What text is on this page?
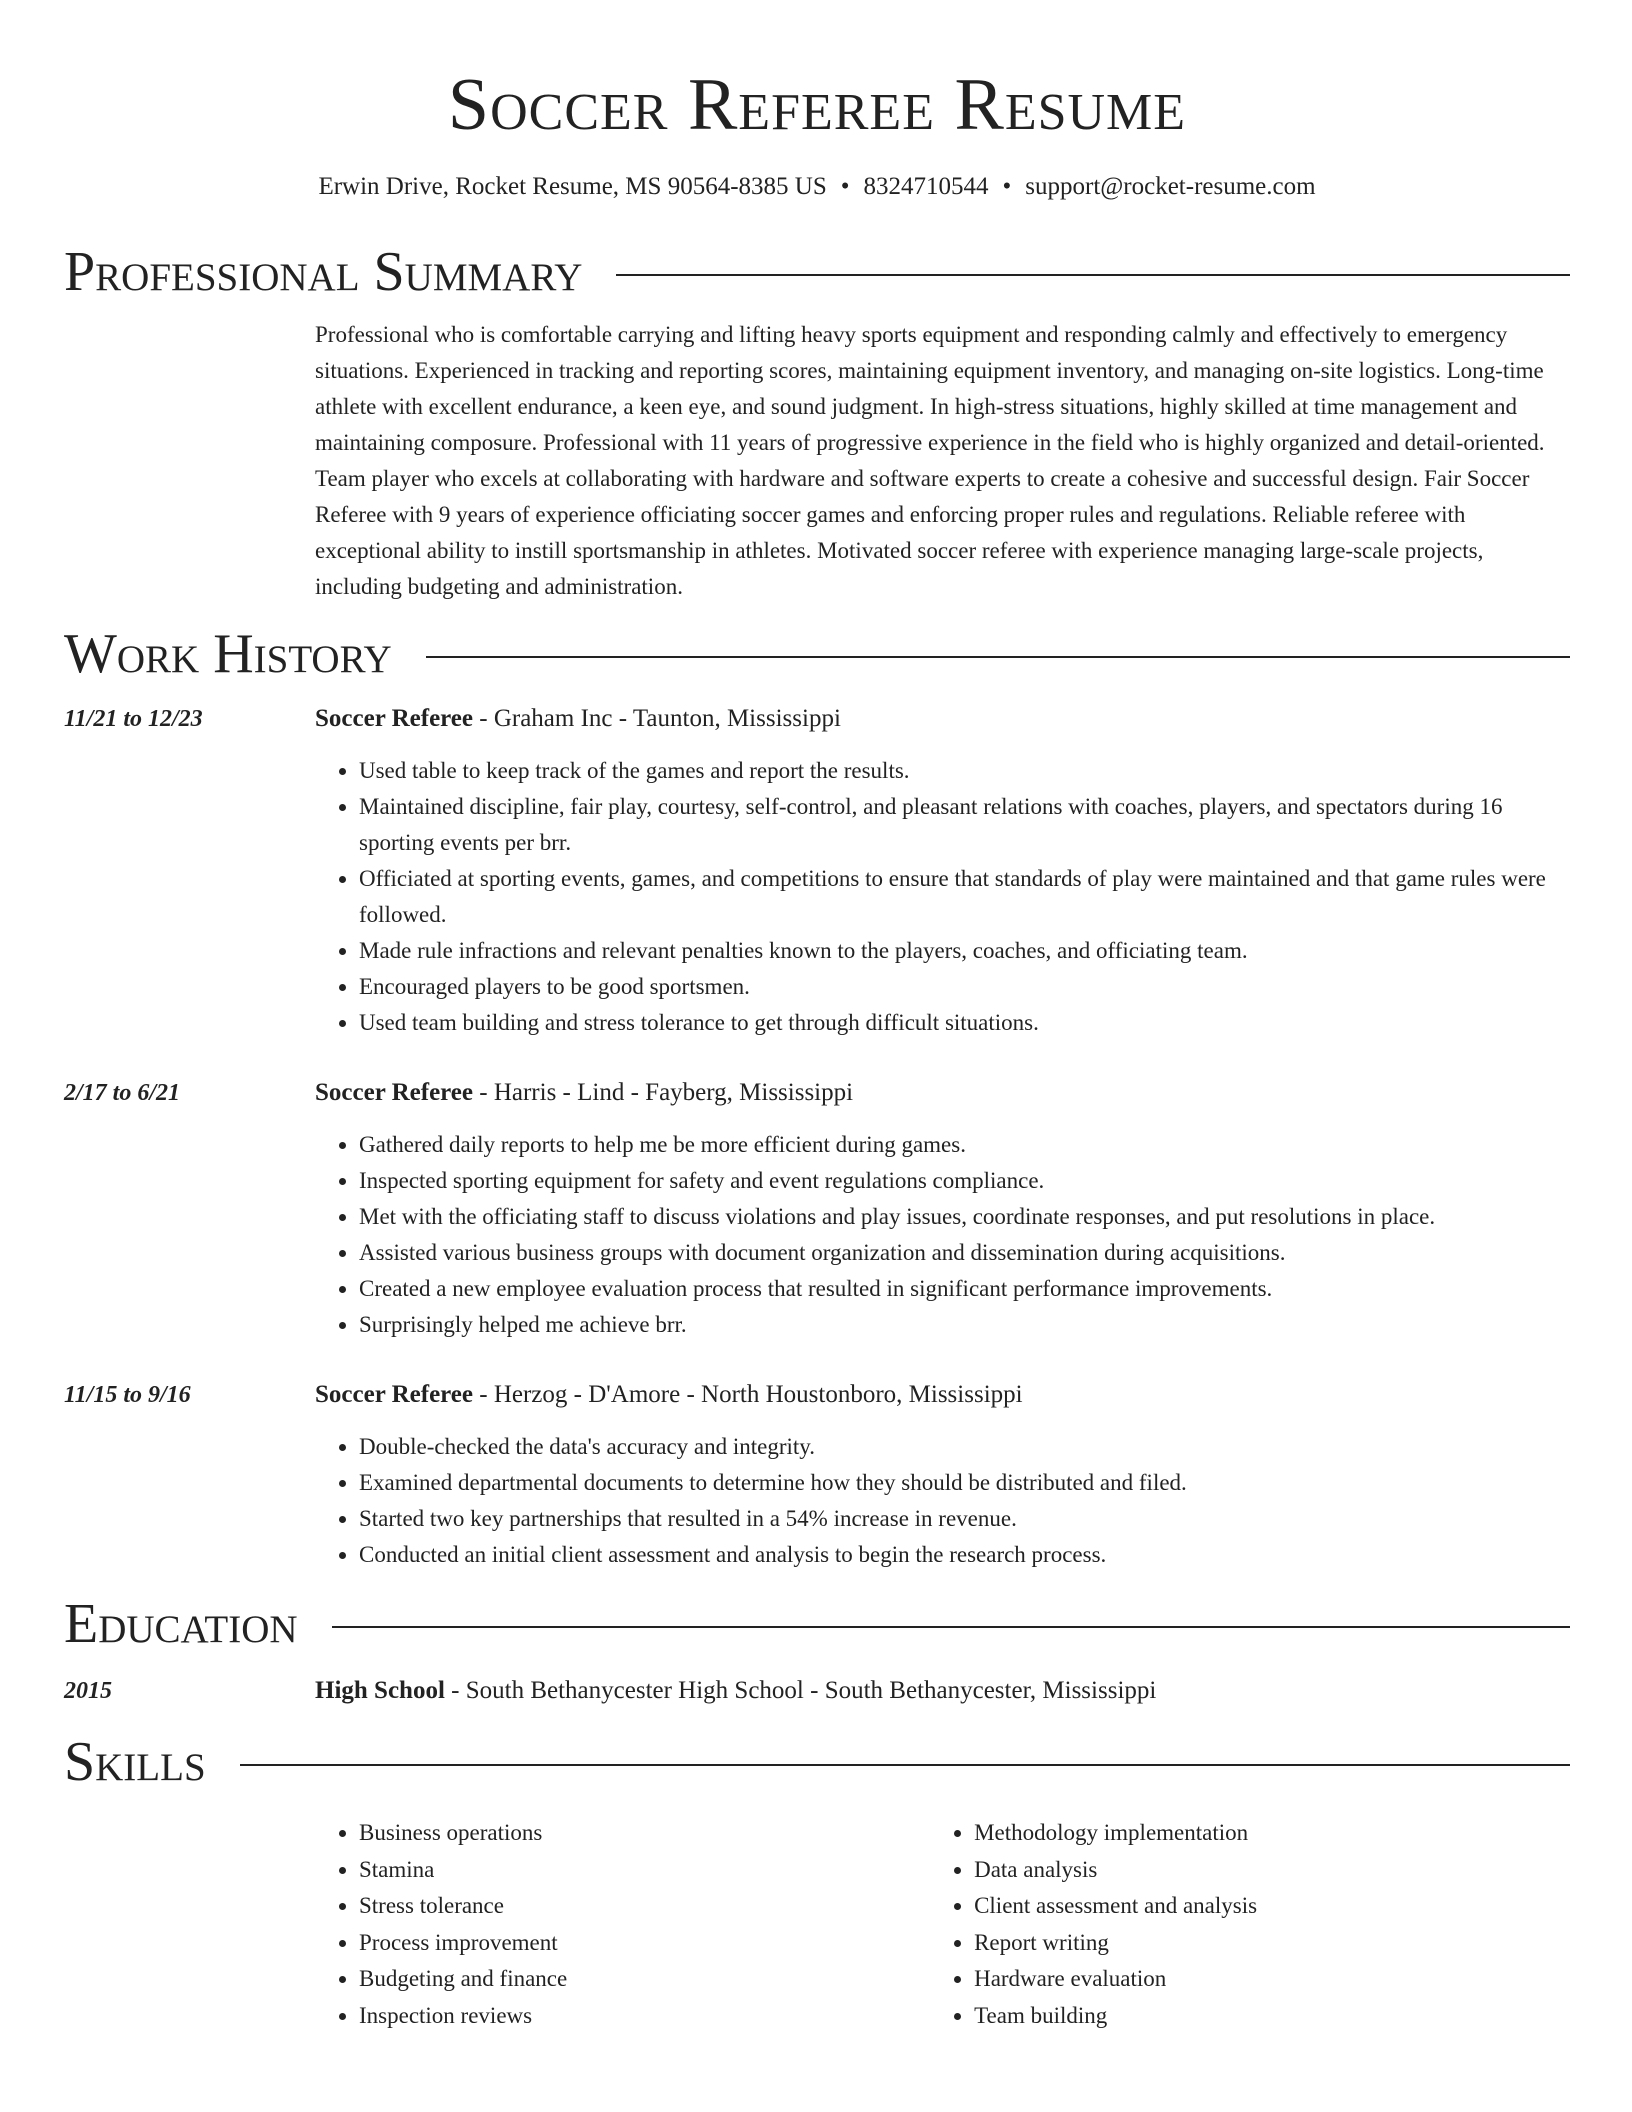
Soccer Referee Resume
Erwin Drive, Rocket Resume, MS 90564-8385 US • 8324710544 • support@rocket-resume.com
Professional Summary
Professional who is comfortable carrying and lifting heavy sports equipment and responding calmly and effectively to emergency situations. Experienced in tracking and reporting scores, maintaining equipment inventory, and managing on-site logistics. Long-time athlete with excellent endurance, a keen eye, and sound judgment. In high-stress situations, highly skilled at time management and maintaining composure. Professional with 11 years of progressive experience in the field who is highly organized and detail-oriented. Team player who excels at collaborating with hardware and software experts to create a cohesive and successful design. Fair Soccer Referee with 9 years of experience officiating soccer games and enforcing proper rules and regulations. Reliable referee with exceptional ability to instill sportsmanship in athletes. Motivated soccer referee with experience managing large-scale projects, including budgeting and administration.
Work History
11/21 to 12/23	Soccer Referee - Graham Inc - Taunton, Mississippi
• Used table to keep track of the games and report the results.
• Maintained discipline, fair play, courtesy, self-control, and pleasant relations with coaches, players, and spectators during 16 sporting events per brr.
• Officiated at sporting events, games, and competitions to ensure that standards of play were maintained and that game rules were followed.
• Made rule infractions and relevant penalties known to the players, coaches, and officiating team.
• Encouraged players to be good sportsmen.
• Used team building and stress tolerance to get through difficult situations.
2/17 to 6/21	Soccer Referee - Harris - Lind - Fayberg, Mississippi
• Gathered daily reports to help me be more efficient during games.
• Inspected sporting equipment for safety and event regulations compliance.
• Met with the officiating staff to discuss violations and play issues, coordinate responses, and put resolutions in place.
• Assisted various business groups with document organization and dissemination during acquisitions.
• Created a new employee evaluation process that resulted in significant performance improvements.
• Surprisingly helped me achieve brr.
11/15 to 9/16	Soccer Referee - Herzog - D'Amore - North Houstonboro, Mississippi
• Double-checked the data's accuracy and integrity.
• Examined departmental documents to determine how they should be distributed and filed.
• Started two key partnerships that resulted in a 54% increase in revenue.
• Conducted an initial client assessment and analysis to begin the research process.
Education
2015	High School - South Bethanycester High School - South Bethanycester, Mississippi
Skills
• Business operations
• Stamina
• Stress tolerance
• Process improvement
• Budgeting and finance
• Inspection reviews
• Methodology implementation
• Data analysis
• Client assessment and analysis
• Report writing
• Hardware evaluation
• Team building
